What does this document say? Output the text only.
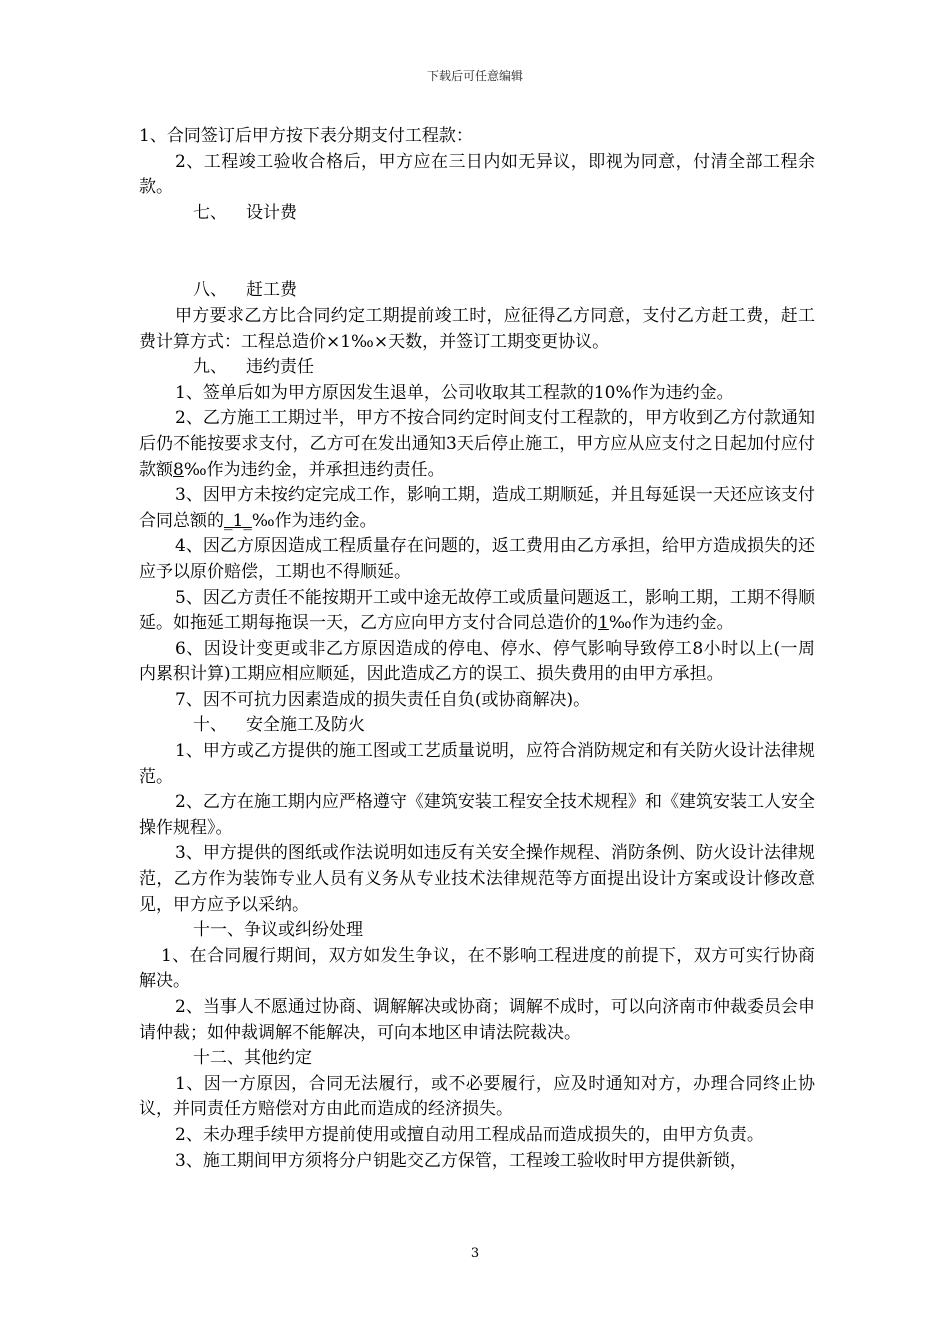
下载后可任意编辑

1、合同签订后甲方按下表分期支付工程款：

2、工程竣工验收合格后，甲方应在三日内如无异议，即视为同意，付清全部工程余款。

七、 设计费

八、 赶工费

甲方要求乙方比合同约定工期提前竣工时，应征得乙方同意，支付乙方赶工费，赶工费计算方式：工程总造价×1‰×天数，并签订工期变更协议。

九、 违约责任

1、签单后如为甲方原因发生退单，公司收取其工程款的10%作为违约金。

2、乙方施工工期过半，甲方不按合同约定时间支付工程款的，甲方收到乙方付款通知后仍不能按要求支付，乙方可在发出通知3天后停止施工，甲方应从应支付之日起加付应付款额8‰作为违约金，并承担违约责任。

3、因甲方未按约定完成工作，影响工期，造成工期顺延，并且每延误一天还应该支付合同总额的_1_‰作为违约金。

4、因乙方原因造成工程质量存在问题的，返工费用由乙方承担，给甲方造成损失的还应予以原价赔偿，工期也不得顺延。

5、因乙方责任不能按期开工或中途无故停工或质量问题返工，影响工期，工期不得顺延。如拖延工期每拖误一天，乙方应向甲方支付合同总造价的1‰作为违约金。

6、因设计变更或非乙方原因造成的停电、停水、停气影响导致停工8小时以上(一周内累积计算)工期应相应顺延，因此造成乙方的误工、损失费用的由甲方承担。

7、因不可抗力因素造成的损失责任自负(或协商解决)。

十、 安全施工及防火

1、甲方或乙方提供的施工图或工艺质量说明，应符合消防规定和有关防火设计法律规范。

2、乙方在施工期内应严格遵守《建筑安装工程安全技术规程》和《建筑安装工人安全操作规程》。

3、甲方提供的图纸或作法说明如违反有关安全操作规程、消防条例、防火设计法律规范，乙方作为装饰专业人员有义务从专业技术法律规范等方面提出设计方案或设计修改意见，甲方应予以采纳。

十一、争议或纠纷处理

1、在合同履行期间，双方如发生争议，在不影响工程进度的前提下，双方可实行协商解决。

2、当事人不愿通过协商、调解解决或协商；调解不成时，可以向济南市仲裁委员会申请仲裁；如仲裁调解不能解决，可向本地区申请法院裁决。

十二、其他约定

1、因一方原因，合同无法履行，或不必要履行，应及时通知对方，办理合同终止协议，并同责任方赔偿对方由此而造成的经济损失。

2、未办理手续甲方提前使用或擅自动用工程成品而造成损失的，由甲方负责。

3、施工期间甲方须将分户钥匙交乙方保管，工程竣工验收时甲方提供新锁，

3
